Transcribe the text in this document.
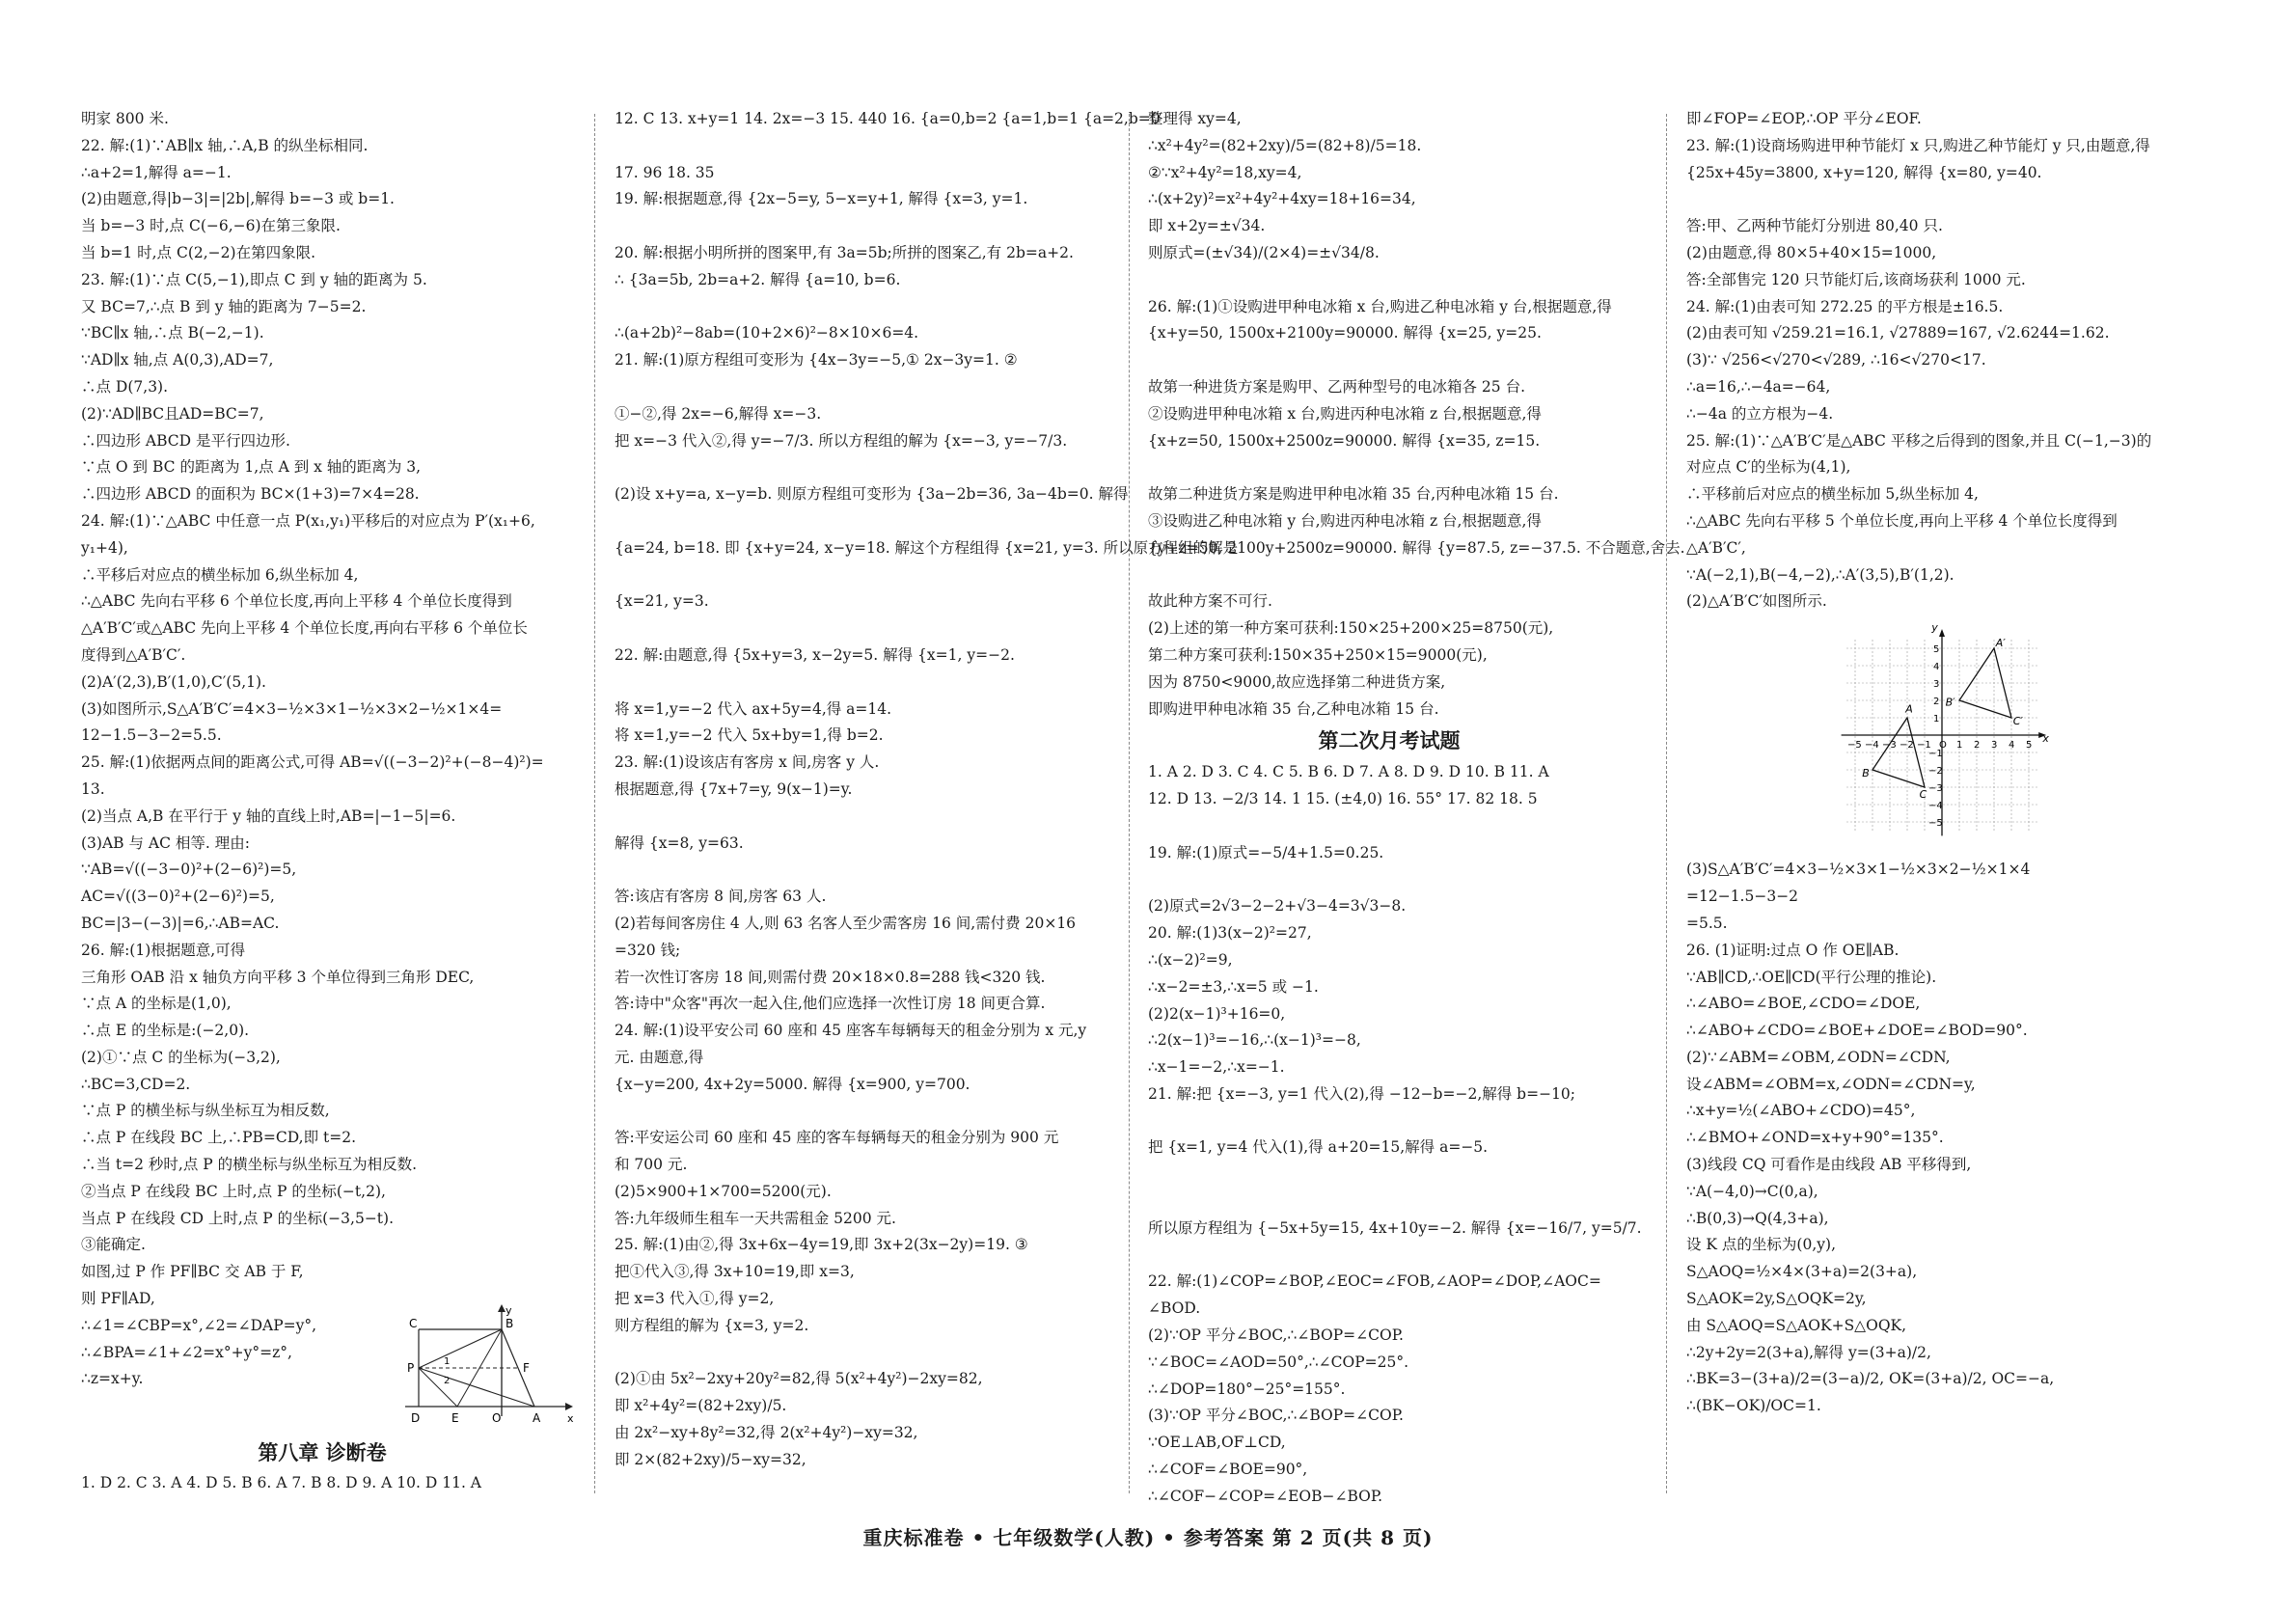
明家 800 米.
22. 解:(1)∵AB∥x 轴,∴A,B 的纵坐标相同.
∴a+2=1,解得 a=−1.
(2)由题意,得|b−3|=|2b|,解得 b=−3 或 b=1.
当 b=−3 时,点 C(−6,−6)在第三象限.
当 b=1 时,点 C(2,−2)在第四象限.
23. 解:(1)∵点 C(5,−1),即点 C 到 y 轴的距离为 5.
又 BC=7,∴点 B 到 y 轴的距离为 7−5=2.
∵BC∥x 轴,∴点 B(−2,−1).
∵AD∥x 轴,点 A(0,3),AD=7,
∴点 D(7,3).
(2)∵AD∥BC且AD=BC=7,
∴四边形 ABCD 是平行四边形.
∵点 O 到 BC 的距离为 1,点 A 到 x 轴的距离为 3,
∴四边形 ABCD 的面积为 BC×(1+3)=7×4=28.
24. 解:(1)∵△ABC 中任意一点 P(x₁,y₁)平移后的对应点为 P′(x₁+6,
y₁+4),
∴平移后对应点的横坐标加 6,纵坐标加 4,
∴△ABC 先向右平移 6 个单位长度,再向上平移 4 个单位长度得到
△A′B′C′或△ABC 先向上平移 4 个单位长度,再向右平移 6 个单位长
度得到△A′B′C′.
(2)A′(2,3),B′(1,0),C′(5,1).
(3)如图所示,S△A′B′C′=4×3−½×3×1−½×3×2−½×1×4=
12−1.5−3−2=5.5.
25. 解:(1)依据两点间的距离公式,可得 AB=√((−3−2)²+(−8−4)²)=
13.
(2)当点 A,B 在平行于 y 轴的直线上时,AB=|−1−5|=6.
(3)AB 与 AC 相等. 理由:
∵AB=√((−3−0)²+(2−6)²)=5,
AC=√((3−0)²+(2−6)²)=5,
BC=|3−(−3)|=6,∴AB=AC.
26. 解:(1)根据题意,可得
三角形 OAB 沿 x 轴负方向平移 3 个单位得到三角形 DEC,
∵点 A 的坐标是(1,0),
∴点 E 的坐标是:(−2,0).
(2)①∵点 C 的坐标为(−3,2),
∴BC=3,CD=2.
∵点 P 的横坐标与纵坐标互为相反数,
∴点 P 在线段 BC 上,∴PB=CD,即 t=2.
∴当 t=2 秒时,点 P 的横坐标与纵坐标互为相反数.
②当点 P 在线段 BC 上时,点 P 的坐标(−t,2),
当点 P 在线段 CD 上时,点 P 的坐标(−3,5−t).
③能确定.
如图,过 P 作 PF∥BC 交 AB 于 F,
则 PF∥AD,
∴∠1=∠CBP=x°,∠2=∠DAP=y°,
∴∠BPA=∠1+∠2=x°+y°=z°,
∴z=x+y.
12. C 13. x+y=1 14. 2x=−3 15. 440 16. {a=0,b=2 {a=1,b=1 {a=2,b=0

17. 96 18. 35
19. 解:根据题意,得 {2x−5=y, 5−x=y+1, 解得 {x=3, y=1.

20. 解:根据小明所拼的图案甲,有 3a=5b;所拼的图案乙,有 2b=a+2.
∴ {3a=5b, 2b=a+2. 解得 {a=10, b=6.

∴(a+2b)²−8ab=(10+2×6)²−8×10×6=4.
21. 解:(1)原方程组可变形为 {4x−3y=−5,① 2x−3y=1. ②

①−②,得 2x=−6,解得 x=−3.
把 x=−3 代入②,得 y=−7/3. 所以方程组的解为 {x=−3, y=−7/3.

(2)设 x+y=a, x−y=b. 则原方程组可变形为 {3a−2b=36, 3a−4b=0. 解得

{a=24, b=18. 即 {x+y=24, x−y=18. 解这个方程组得 {x=21, y=3. 所以原方程组的解是

{x=21, y=3.

22. 解:由题意,得 {5x+y=3, x−2y=5. 解得 {x=1, y=−2.

将 x=1,y=−2 代入 ax+5y=4,得 a=14.
将 x=1,y=−2 代入 5x+by=1,得 b=2.
23. 解:(1)设该店有客房 x 间,房客 y 人.
根据题意,得 {7x+7=y, 9(x−1)=y.

解得 {x=8, y=63.

答:该店有客房 8 间,房客 63 人.
(2)若每间客房住 4 人,则 63 名客人至少需客房 16 间,需付费 20×16
=320 钱;
若一次性订客房 18 间,则需付费 20×18×0.8=288 钱<320 钱.
答:诗中"众客"再次一起入住,他们应选择一次性订房 18 间更合算.
24. 解:(1)设平安公司 60 座和 45 座客车每辆每天的租金分别为 x 元,y
元. 由题意,得
{x−y=200, 4x+2y=5000. 解得 {x=900, y=700.

答:平安运公司 60 座和 45 座的客车每辆每天的租金分别为 900 元
和 700 元.
(2)5×900+1×700=5200(元).
答:九年级师生租车一天共需租金 5200 元.
25. 解:(1)由②,得 3x+6x−4y=19,即 3x+2(3x−2y)=19. ③
把①代入③,得 3x+10=19,即 x=3,
把 x=3 代入①,得 y=2,
则方程组的解为 {x=3, y=2.

(2)①由 5x²−2xy+20y²=82,得 5(x²+4y²)−2xy=82,
即 x²+4y²=(82+2xy)/5.
由 2x²−xy+8y²=32,得 2(x²+4y²)−xy=32,
即 2×(82+2xy)/5−xy=32,
整理得 xy=4,
∴x²+4y²=(82+2xy)/5=(82+8)/5=18.
②∵x²+4y²=18,xy=4,
∴(x+2y)²=x²+4y²+4xy=18+16=34,
即 x+2y=±√34.
则原式=(±√34)/(2×4)=±√34/8.

26. 解:(1)①设购进甲种电冰箱 x 台,购进乙种电冰箱 y 台,根据题意,得
{x+y=50, 1500x+2100y=90000. 解得 {x=25, y=25.

故第一种进货方案是购甲、乙两种型号的电冰箱各 25 台.
②设购进甲种电冰箱 x 台,购进丙种电冰箱 z 台,根据题意,得
{x+z=50, 1500x+2500z=90000. 解得 {x=35, z=15.

故第二种进货方案是购进甲种电冰箱 35 台,丙种电冰箱 15 台.
③设购进乙种电冰箱 y 台,购进丙种电冰箱 z 台,根据题意,得
{y+z=50, 2100y+2500z=90000. 解得 {y=87.5, z=−37.5. 不合题意,舍去.

故此种方案不可行.
(2)上述的第一种方案可获利:150×25+200×25=8750(元),
第二种方案可获利:150×35+250×15=9000(元),
因为 8750<9000,故应选择第二种进货方案,
即购进甲种电冰箱 35 台,乙种电冰箱 15 台.
第二次月考试题
1. A 2. D 3. C 4. C 5. B 6. D 7. A 8. D 9. D 10. B 11. A
12. D 13. −2/3 14. 1 15. (±4,0) 16. 55° 17. 82 18. 5

19. 解:(1)原式=−5/4+1.5=0.25.

(2)原式=2√3−2−2+√3−4=3√3−8.
20. 解:(1)3(x−2)²=27,
∴(x−2)²=9,
∴x−2=±3,∴x=5 或 −1.
(2)2(x−1)³+16=0,
∴2(x−1)³=−16,∴(x−1)³=−8,
∴x−1=−2,∴x=−1.
21. 解:把 {x=−3, y=1 代入(2),得 −12−b=−2,解得 b=−10;

把 {x=1, y=4 代入(1),得 a+20=15,解得 a=−5.

所以原方程组为 {−5x+5y=15, 4x+10y=−2. 解得 {x=−16/7, y=5/7.

22. 解:(1)∠COP=∠BOP,∠EOC=∠FOB,∠AOP=∠DOP,∠AOC=
∠BOD.
(2)∵OP 平分∠BOC,∴∠BOP=∠COP.
∵∠BOC=∠AOD=50°,∴∠COP=25°.
∴∠DOP=180°−25°=155°.
(3)∵OP 平分∠BOC,∴∠BOP=∠COP.
∵OE⊥AB,OF⊥CD,
∴∠COF=∠BOE=90°,
∴∠COF−∠COP=∠EOB−∠BOP.
即∠FOP=∠EOP,∴OP 平分∠EOF.
23. 解:(1)设商场购进甲种节能灯 x 只,购进乙种节能灯 y 只,由题意,得
{25x+45y=3800, x+y=120, 解得 {x=80, y=40.

答:甲、乙两种节能灯分别进 80,40 只.
(2)由题意,得 80×5+40×15=1000,
答:全部售完 120 只节能灯后,该商场获利 1000 元.
24. 解:(1)由表可知 272.25 的平方根是±16.5.
(2)由表可知 √259.21=16.1, √27889=167, √2.6244=1.62.
(3)∵ √256<√270<√289, ∴16<√270<17.
∴a=16,∴−4a=−64,
∴−4a 的立方根为−4.
25. 解:(1)∵△A′B′C′是△ABC 平移之后得到的图象,并且 C(−1,−3)的
对应点 C′的坐标为(4,1),
∴平移前后对应点的横坐标加 5,纵坐标加 4,
∴△ABC 先向右平移 5 个单位长度,再向上平移 4 个单位长度得到
△A′B′C′,
∵A(−2,1),B(−4,−2),∴A′(3,5),B′(1,2).
(2)△A′B′C′如图所示.

(3)S△A′B′C′=4×3−½×3×1−½×3×2−½×1×4
=12−1.5−3−2
=5.5.
26. (1)证明:过点 O 作 OE∥AB.
∵AB∥CD,∴OE∥CD(平行公理的推论).
∴∠ABO=∠BOE,∠CDO=∠DOE,
∴∠ABO+∠CDO=∠BOE+∠DOE=∠BOD=90°.
(2)∵∠ABM=∠OBM,∠ODN=∠CDN,
设∠ABM=∠OBM=x,∠ODN=∠CDN=y,
∴x+y=½(∠ABO+∠CDO)=45°,
∴∠BMO+∠OND=x+y+90°=135°.
(3)线段 CQ 可看作是由线段 AB 平移得到,
∵A(−4,0)→C(0,a),
∴B(0,3)→Q(4,3+a),
设 K 点的坐标为(0,y),
S△AOQ=½×4×(3+a)=2(3+a),
S△AOK=2y,S△OQK=2y,
由 S△AOQ=S△AOK+S△OQK,
∴2y+2y=2(3+a),解得 y=(3+a)/2,
∴BK=3−(3+a)/2=(3−a)/2, OK=(3+a)/2, OC=−a,
∴(BK−OK)/OC=1.
第八章 诊断卷
1. D 2. C 3. A 4. D 5. B 6. A 7. B 8. D 9. A 10. D 11. A
C	B
P	1
2
F
D	E	O	A	x
y
−5 −4 −3 −2 −1 O 1 2 3 4 5
5
4
3
2
1
−1
−2
−3
−4
−5
A′
B′
C′
A
B
C
x
y
重庆标准卷 • 七年级数学(人教) • 参考答案 第 2 页(共 8 页)
